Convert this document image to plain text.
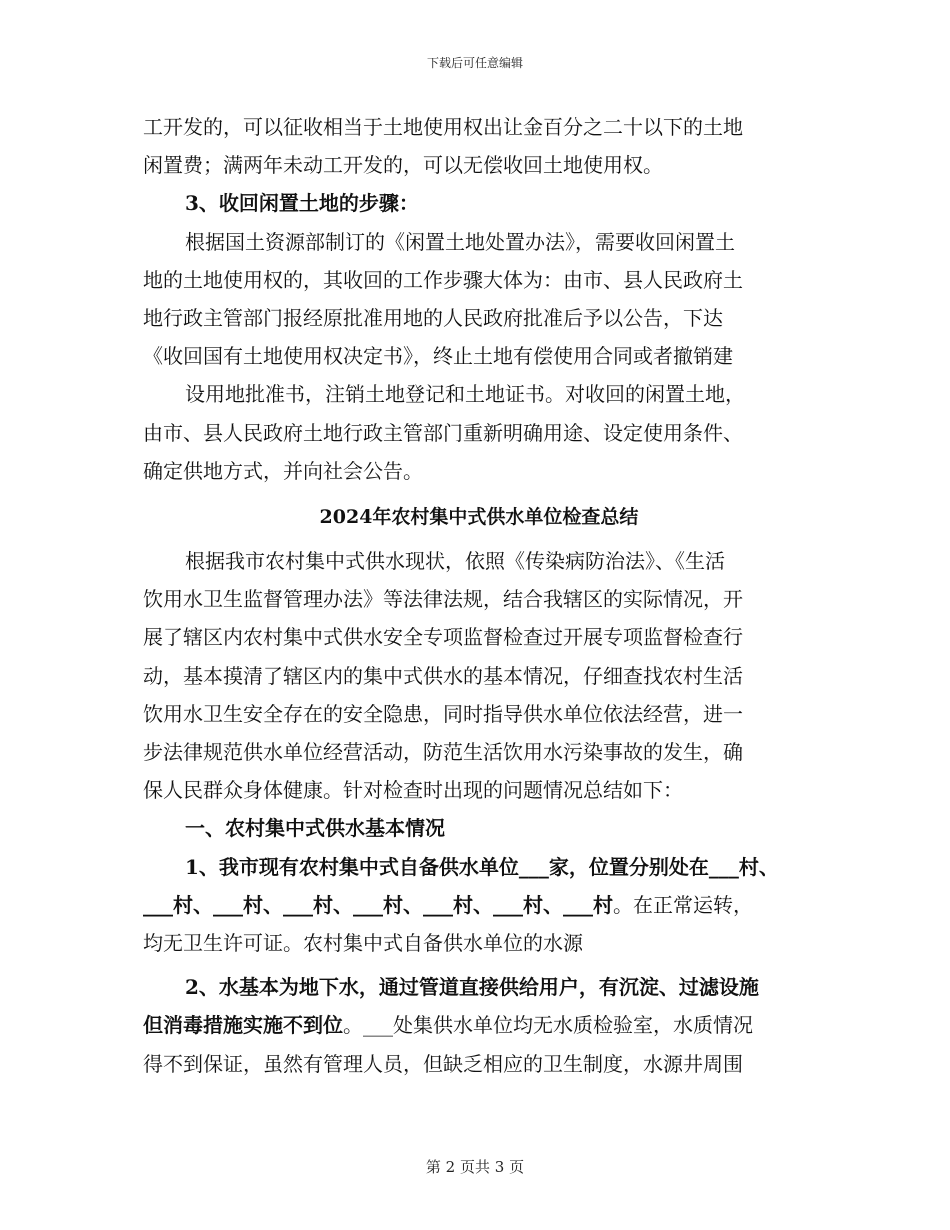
下载后可任意编辑
工开发的，可以征收相当于土地使用权出让金百分之二十以下的土地
闲置费；满两年未动工开发的，可以无偿收回土地使用权。
3、收回闲置土地的步骤：
根据国土资源部制订的《闲置土地处置办法》，需要收回闲置土
地的土地使用权的，其收回的工作步骤大体为：由市、县人民政府土
地行政主管部门报经原批准用地的人民政府批准后予以公告，下达
《收回国有土地使用权决定书》，终止土地有偿使用合同或者撤销建
设用地批准书，注销土地登记和土地证书。对收回的闲置土地，
由市、县人民政府土地行政主管部门重新明确用途、设定使用条件、
确定供地方式，并向社会公告。
2024年农村集中式供水单位检查总结
根据我市农村集中式供水现状，依照《传染病防治法》、《生活
饮用水卫生监督管理办法》等法律法规，结合我辖区的实际情况，开
展了辖区内农村集中式供水安全专项监督检查过开展专项监督检查行
动，基本摸清了辖区内的集中式供水的基本情况，仔细查找农村生活
饮用水卫生安全存在的安全隐患，同时指导供水单位依法经营，进一
步法律规范供水单位经营活动，防范生活饮用水污染事故的发生，确
保人民群众身体健康。针对检查时出现的问题情况总结如下：
一、农村集中式供水基本情况
1、我市现有农村集中式自备供水单位___家，位置分别处在___村、
___村、___村、___村、___村、___村、___村、___村。在正常运转，
均无卫生许可证。农村集中式自备供水单位的水源
2、水基本为地下水，通过管道直接供给用户，有沉淀、过滤设施
但消毒措施实施不到位。___处集供水单位均无水质检验室，水质情况
得不到保证，虽然有管理人员，但缺乏相应的卫生制度，水源井周围
第 2 页共 3 页
